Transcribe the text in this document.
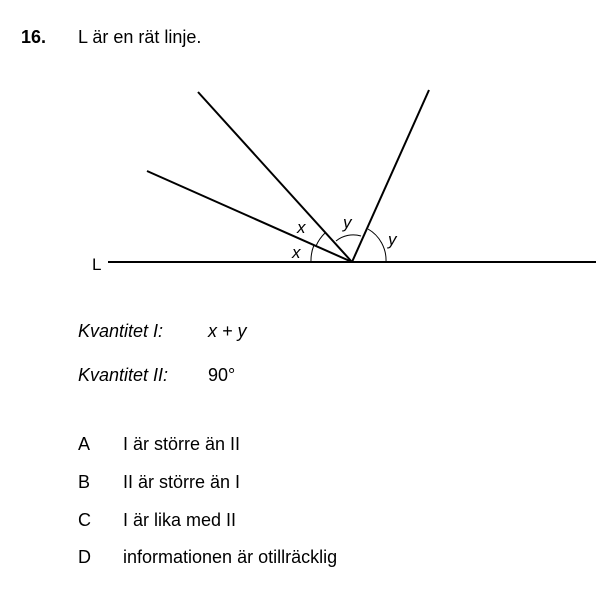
16. L är en rät linje.
L
x
x
y
y
Kvantitet I: x + y
Kvantitet II: 90°
A I är större än II
B II är större än I
C I är lika med II
D informationen är otillräcklig
